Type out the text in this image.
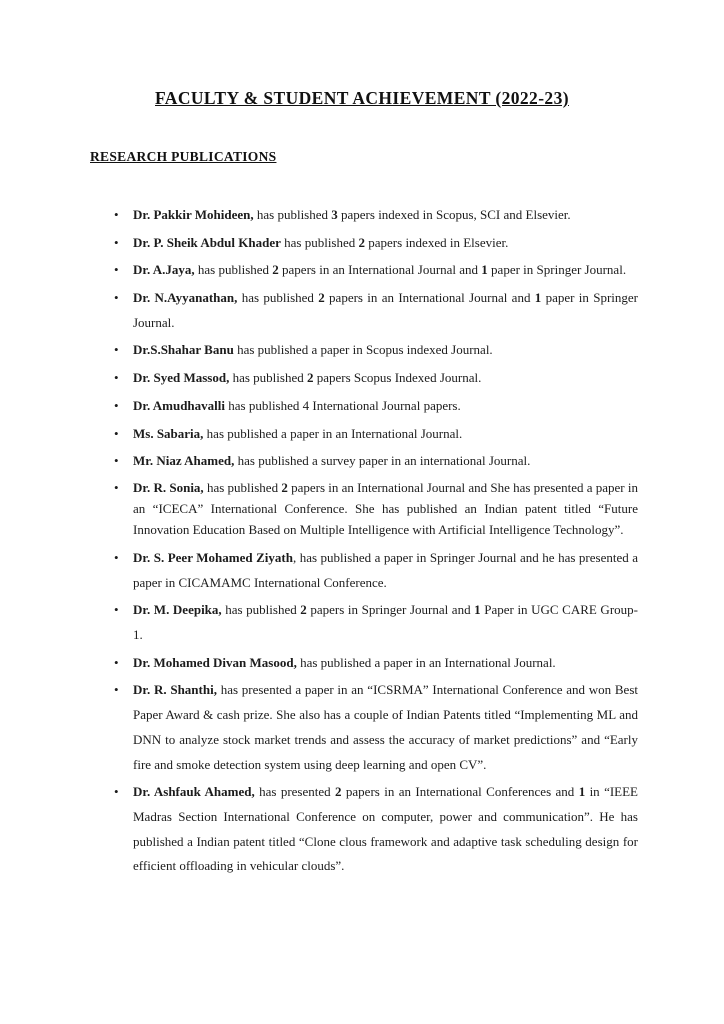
FACULTY & STUDENT ACHIEVEMENT (2022-23)
RESEARCH PUBLICATIONS
• Dr. Pakkir Mohideen, has published 3 papers indexed in Scopus, SCI and Elsevier.
• Dr. P. Sheik Abdul Khader has published 2 papers indexed in Elsevier.
• Dr. A.Jaya, has published 2 papers in an International Journal and 1 paper in Springer Journal.
• Dr. N.Ayyanathan, has published 2 papers in an International Journal and 1 paper in Springer Journal.
• Dr.S.Shahar Banu has published a paper in Scopus indexed Journal.
• Dr. Syed Massod, has published 2 papers Scopus Indexed Journal.
• Dr. Amudhavalli has published 4 International Journal papers.
• Ms. Sabaria, has published a paper in an International Journal.
• Mr. Niaz Ahamed, has published a survey paper in an international Journal.
• Dr. R. Sonia, has published 2 papers in an International Journal and She has presented a paper in an “ICECA” International Conference. She has published an Indian patent titled “Future Innovation Education Based on Multiple Intelligence with Artificial Intelligence Technology”.
• Dr. S. Peer Mohamed Ziyath, has published a paper in Springer Journal and he has presented a paper in CICAMAMC International Conference.
• Dr. M. Deepika, has published 2 papers in Springer Journal and 1 Paper in UGC CARE Group-1.
• Dr. Mohamed Divan Masood, has published a paper in an International Journal.
• Dr. R. Shanthi, has presented a paper in an “ICSRMA” International Conference and won Best Paper Award & cash prize. She also has a couple of Indian Patents titled “Implementing ML and DNN to analyze stock market trends and assess the accuracy of market predictions” and “Early fire and smoke detection system using deep learning and open CV”.
• Dr. Ashfauk Ahamed, has presented 2 papers in an International Conferences and 1 in “IEEE Madras Section International Conference on computer, power and communication”. He has published a Indian patent titled “Clone clous framework and adaptive task scheduling design for efficient offloading in vehicular clouds”.
